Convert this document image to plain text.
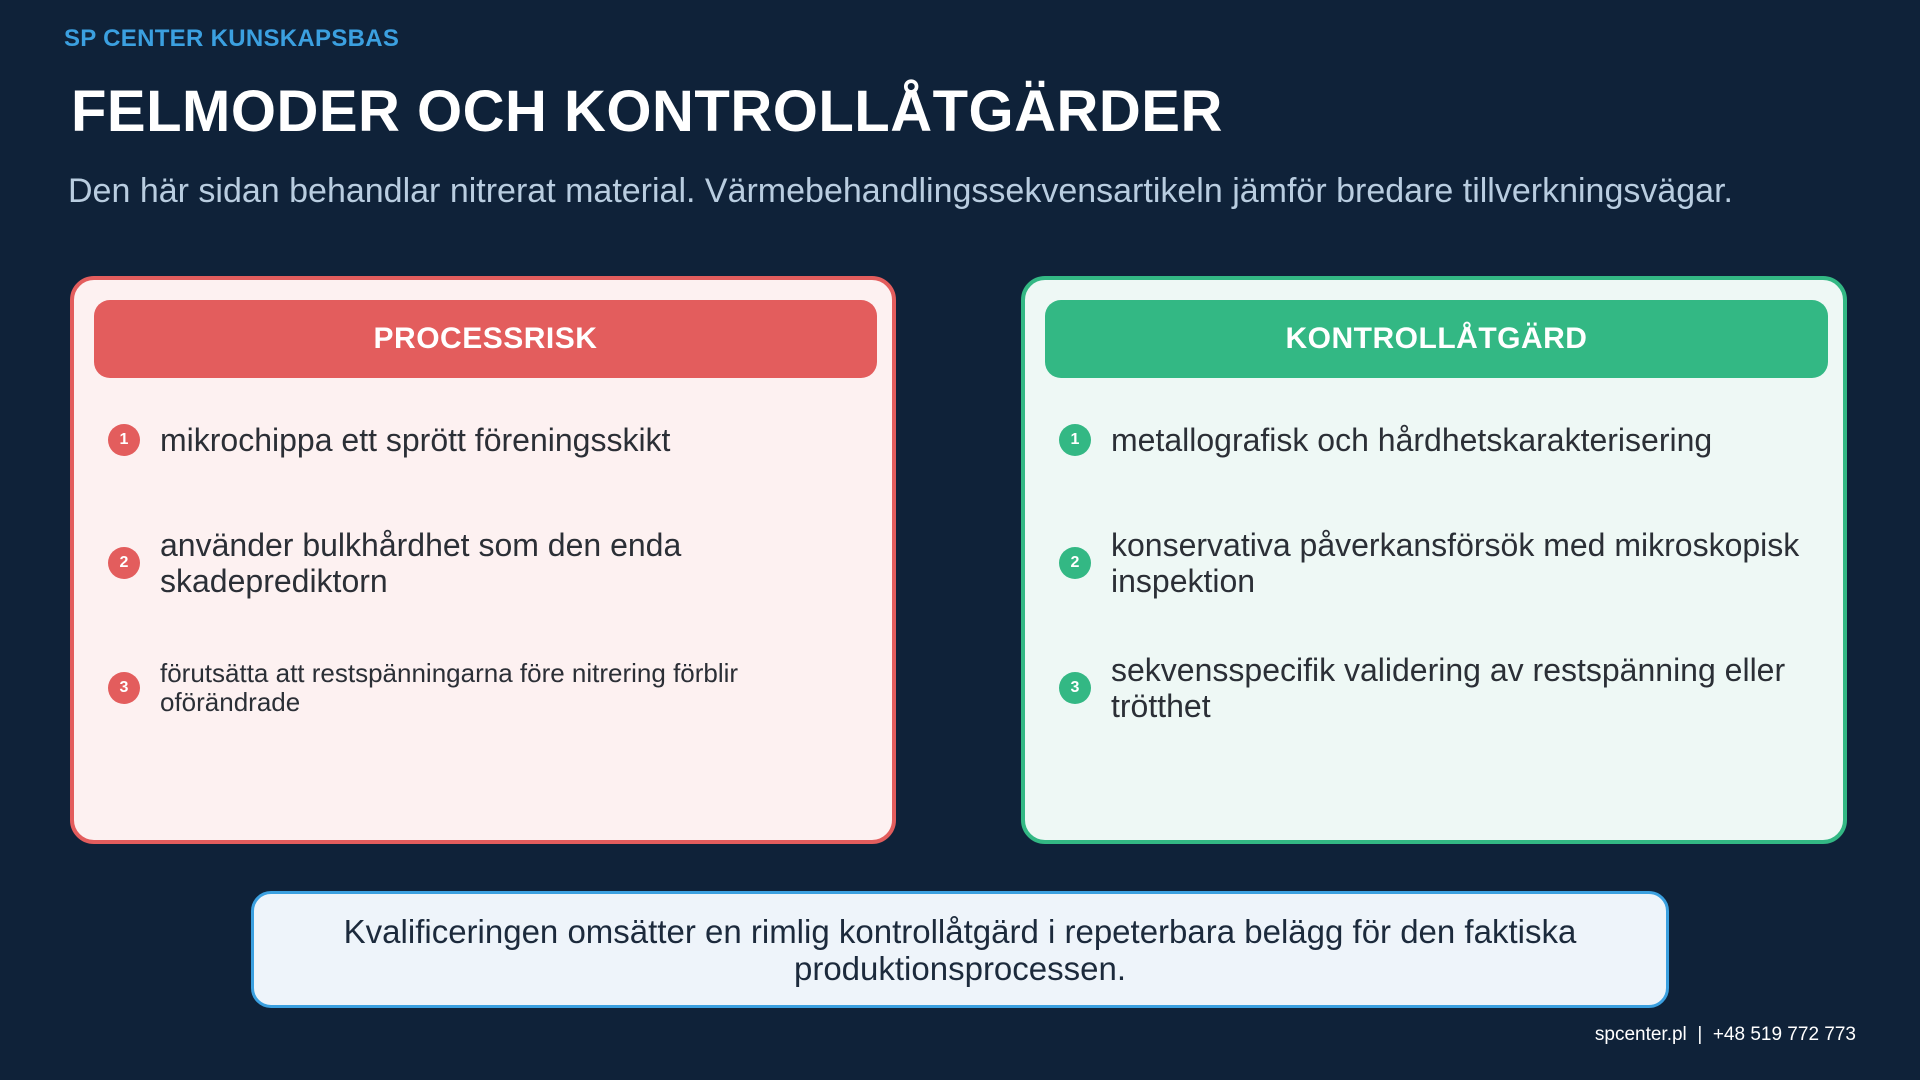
SP CENTER KUNSKAPSBAS
FELMODER OCH KONTROLLÅTGÄRDER

Den här sidan behandlar nitrerat material. Värmebehandlingssekvensartikeln jämför bredare tillverkningsvägar.

PROCESSRISK
1 mikrochippa ett sprött föreningsskikt
2 använder bulkhårdhet som den enda skadeprediktorn
3	förutsätta att restspänningarna före nitrering förblir oförändrade
KONTROLLÅTGÄRD
1 metallografisk och hårdhetskarakterisering
2 konservativa påverkansförsök med mikroskopisk inspektion
3 sekvensspecifik validering av restspänning eller trötthet
Kvalificeringen omsätter en rimlig kontrollåtgärd i repeterbara belägg för den faktiska produktionsprocessen.
spcenter.pl  |  +48 519 772 773
